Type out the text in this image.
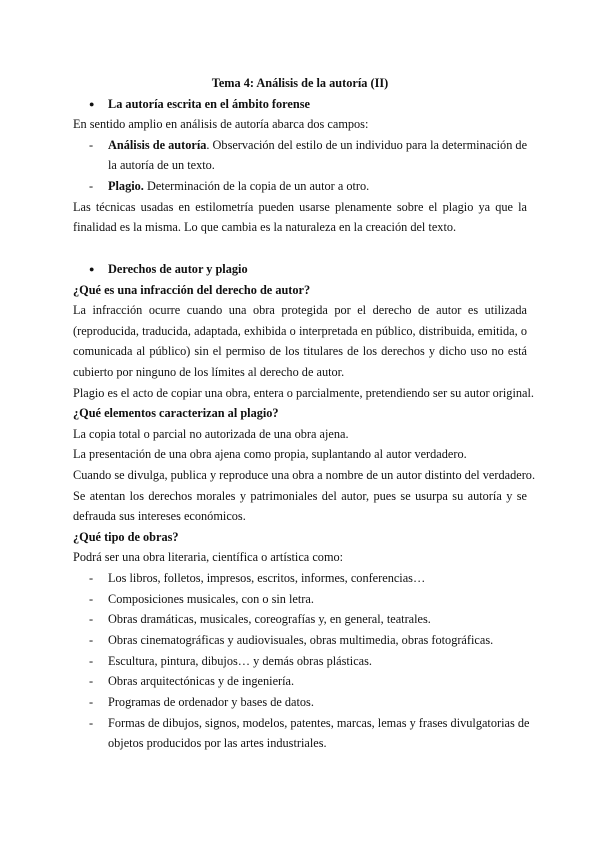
Tema 4: Análisis de la autoría (II)
● La autoría escrita en el ámbito forense
En sentido amplio en análisis de autoría abarca dos campos:
- Análisis de autoría. Observación del estilo de un individuo para la determinación de
la autoría de un texto.
- Plagio. Determinación de la copia de un autor a otro.
Las técnicas usadas en estilometría pueden usarse plenamente sobre el plagio ya que la
finalidad es la misma. Lo que cambia es la naturaleza en la creación del texto.
● Derechos de autor y plagio
¿Qué es una infracción del derecho de autor?
La infracción ocurre cuando una obra protegida por el derecho de autor es utilizada
(reproducida, traducida, adaptada, exhibida o interpretada en público, distribuida, emitida, o
comunicada al público) sin el permiso de los titulares de los derechos y dicho uso no está
cubierto por ninguno de los límites al derecho de autor.
Plagio es el acto de copiar una obra, entera o parcialmente, pretendiendo ser su autor original.
¿Qué elementos caracterizan al plagio?
La copia total o parcial no autorizada de una obra ajena.
La presentación de una obra ajena como propia, suplantando al autor verdadero.
Cuando se divulga, publica y reproduce una obra a nombre de un autor distinto del verdadero.
Se atentan los derechos morales y patrimoniales del autor, pues se usurpa su autoría y se
defrauda sus intereses económicos.
¿Qué tipo de obras?
Podrá ser una obra literaria, científica o artística como:
- Los libros, folletos, impresos, escritos, informes, conferencias…
- Composiciones musicales, con o sin letra.
- Obras dramáticas, musicales, coreografías y, en general, teatrales.
- Obras cinematográficas y audiovisuales, obras multimedia, obras fotográficas.
- Escultura, pintura, dibujos… y demás obras plásticas.
- Obras arquitectónicas y de ingeniería.
- Programas de ordenador y bases de datos.
- Formas de dibujos, signos, modelos, patentes, marcas, lemas y frases divulgatorias de
objetos producidos por las artes industriales.
